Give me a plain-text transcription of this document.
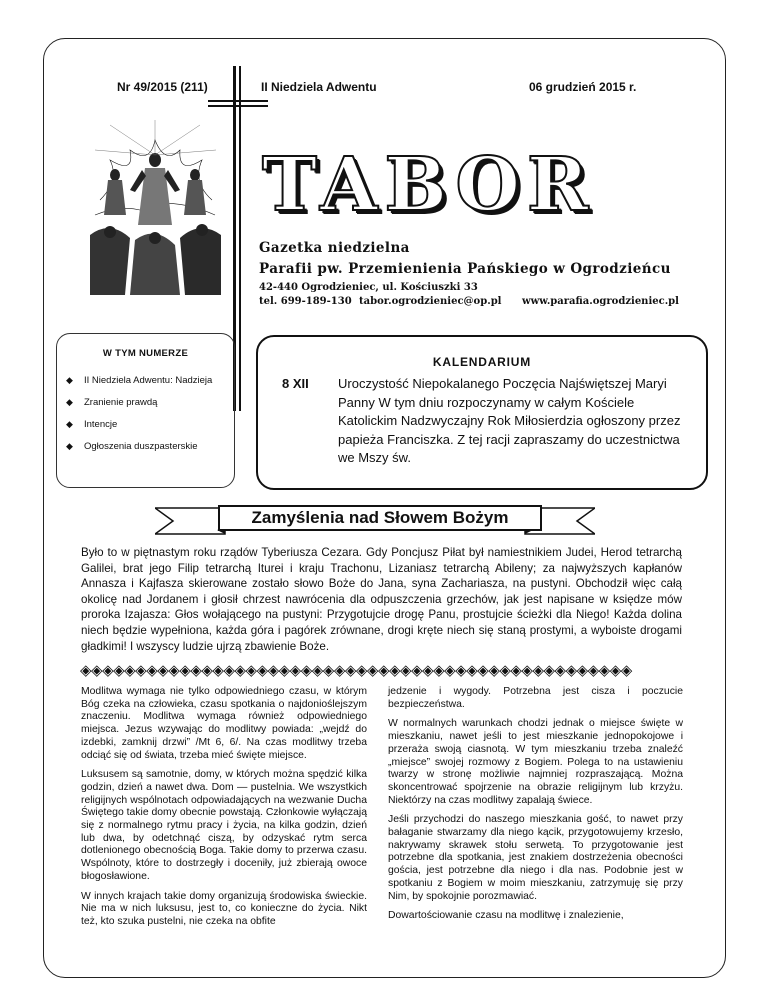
Nr 49/2015 (211)	II Niedziela Adwentu	06 grudzień 2015 r.
TABOR
Gazetka niedzielna
Parafii pw. Przemienienia Pańskiego w Ogrodzieńcu
42-440 Ogrodzieniec, ul. Kościuszki 33
tel. 699-189-130 tabor.ogrodzieniec@op.pl www.parafia.ogrodzieniec.pl
W TYM NUMERZE
◆ II Niedziela Adwentu: Nadzieja
◆ Zranienie prawdą
◆ Intencje
◆ Ogłoszenia duszpasterskie
KALENDARIUM
8 XII Uroczystość Niepokalanego Poczęcia Najświętszej Maryi Panny W tym dniu rozpoczynamy w całym Kościele Katolickim Nadzwyczajny Rok Miłosierdzia ogłoszony przez papieża Franciszka. Z tej racji zapraszamy do uczestnictwa we Mszy św.

Zamyślenia nad Słowem Bożym

Było to w piętnastym roku rządów Tyberiusza Cezara. Gdy Poncjusz Piłat był namiestnikiem Judei, Herod tetrarchą Galilei, brat jego Filip tetrarchą Iturei i kraju Trachonu, Lizaniasz tetrarchą Abileny; za najwyższych kapłanów Annasza i Kajfasza skierowane zostało słowo Boże do Jana, syna Zachariasza, na pustyni. Obchodził więc całą okolicę nad Jordanem i głosił chrzest nawrócenia dla odpuszczenia grzechów, jak jest napisane w księdze mów proroka Izajasza: Głos wołającego na pustyni: Przygotujcie drogę Panu, prostujcie ścieżki dla Niego! Każda dolina niech będzie wypełniona, każda góra i pagórek zrównane, drogi kręte niech się staną prostymi, a wyboiste drogami gładkimi! I wszyscy ludzie ujrzą zbawienie Boże.

◈◈◈◈◈◈◈◈◈◈◈◈◈◈◈◈◈◈◈◈◈◈◈◈◈◈◈◈◈◈◈◈◈◈◈◈◈◈◈◈◈◈◈◈◈◈◈◈◈◈

Modlitwa wymaga nie tylko odpowiedniego czasu, w którym Bóg czeka na człowieka, czasu spotkania o najdonioślejszym znaczeniu. Modlitwa wymaga również odpowiedniego miejsca. Jezus wzywając do modlitwy powiada: „wejdź do izdebki, zamknij drzwi” /Mt 6, 6/. Na czas modlitwy trzeba odciąć się od świata, trzeba mieć święte miejsce.

Luksusem są samotnie, domy, w których można spędzić kilka godzin, dzień a nawet dwa. Dom — pustelnia. We wszystkich religijnych wspólnotach odpowiadających na wezwanie Ducha Świętego takie domy obecnie powstają. Członkowie wyłączają się z normalnego rytmu pracy i życia, na kilka godzin, dzień lub dwa, by odetchnąć ciszą, by odzyskać rytm serca dotlenionego obecnością Boga. Takie domy to przerwa czasu. Wspólnoty, które to dostrzegły i doceniły, już zbierają owoce błogosławione.

W innych krajach takie domy organizują środowiska świeckie. Nie ma w nich luksusu, jest to, co konieczne do życia. Nikt też, kto szuka pustelni, nie czeka na obfite

jedzenie i wygody. Potrzebna jest cisza i poczucie bezpieczeństwa.

W normalnych warunkach chodzi jednak o miejsce święte w mieszkaniu, nawet jeśli to jest mieszkanie jednopokojowe i przeraża swoją ciasnotą. W tym mieszkaniu trzeba znaleźć „miejsce” swojej rozmowy z Bogiem. Polega to na ustawieniu twarzy w stronę możliwie najmniej rozpraszającą. Można skoncentrować spojrzenie na obrazie religijnym lub krzyżu. Niektórzy na czas modlitwy zapalają świece.

Jeśli przychodzi do naszego mieszkania gość, to nawet przy bałaganie stwarzamy dla niego kącik, przygotowujemy krzesło, nakrywamy skrawek stołu serwetą. To przygotowanie jest potrzebne dla spotkania, jest znakiem dostrzeżenia obecności gościa, jest potrzebne dla niego i dla nas. Podobnie jest w spotkaniu z Bogiem w moim mieszkaniu, zatrzymuję się przy Nim, by spokojnie porozmawiać.

Dowartościowanie czasu na modlitwę i znalezienie,
